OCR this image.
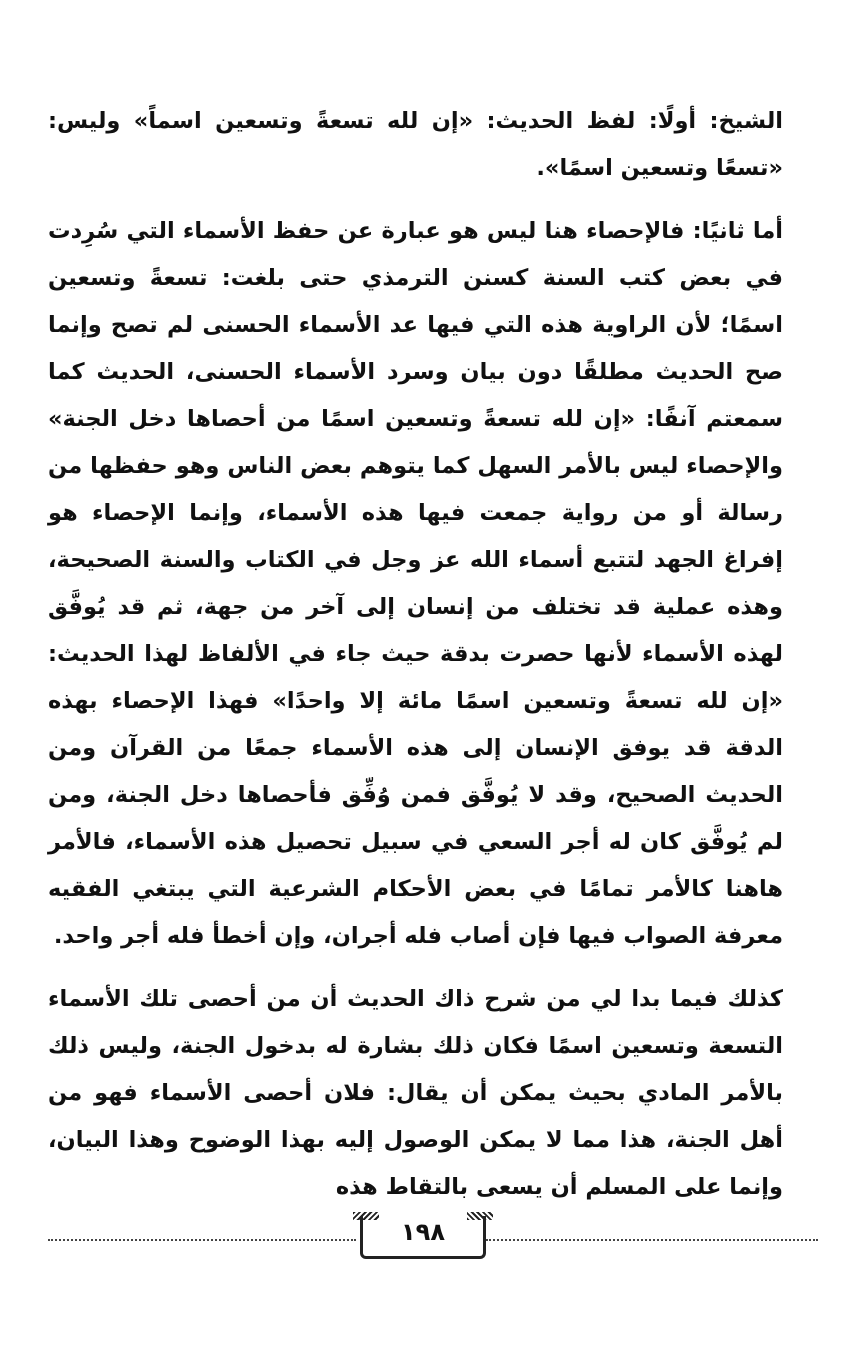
الشيخ: أولًا: لفظ الحديث: «إن لله تسعةً وتسعين اسماً» وليس: «تسعًا وتسعين اسمًا».

أما ثانيًا: فالإحصاء هنا ليس هو عبارة عن حفظ الأسماء التي سُرِدت في بعض كتب السنة كسنن الترمذي حتى بلغت: تسعةً وتسعين اسمًا؛ لأن الراوية هذه التي فيها عد الأسماء الحسنى لم تصح وإنما صح الحديث مطلقًا دون بيان وسرد الأسماء الحسنى، الحديث كما سمعتم آنفًا: «إن لله تسعةً وتسعين اسمًا من أحصاها دخل الجنة» والإحصاء ليس بالأمر السهل كما يتوهم بعض الناس وهو حفظها من رسالة أو من رواية جمعت فيها هذه الأسماء، وإنما الإحصاء هو إفراغ الجهد لتتبع أسماء الله عز وجل في الكتاب والسنة الصحيحة، وهذه عملية قد تختلف من إنسان إلى آخر من جهة، ثم قد يُوفَّق لهذه الأسماء لأنها حصرت بدقة حيث جاء في الألفاظ لهذا الحديث: «إن لله تسعةً وتسعين اسمًا مائة إلا واحدًا» فهذا الإحصاء بهذه الدقة قد يوفق الإنسان إلى هذه الأسماء جمعًا من القرآن ومن الحديث الصحيح، وقد لا يُوفَّق فمن وُفِّق فأحصاها دخل الجنة، ومن لم يُوفَّق كان له أجر السعي في سبيل تحصيل هذه الأسماء، فالأمر هاهنا كالأمر تمامًا في بعض الأحكام الشرعية التي يبتغي الفقيه معرفة الصواب فيها فإن أصاب فله أجران، وإن أخطأ فله أجر واحد.

كذلك فيما بدا لي من شرح ذاك الحديث أن من أحصى تلك الأسماء التسعة وتسعين اسمًا فكان ذلك بشارة له بدخول الجنة، وليس ذلك بالأمر المادي بحيث يمكن أن يقال: فلان أحصى الأسماء فهو من أهل الجنة، هذا مما لا يمكن الوصول إليه بهذا الوضوح وهذا البيان، وإنما على المسلم أن يسعى بالتقاط هذه

١٩٨
